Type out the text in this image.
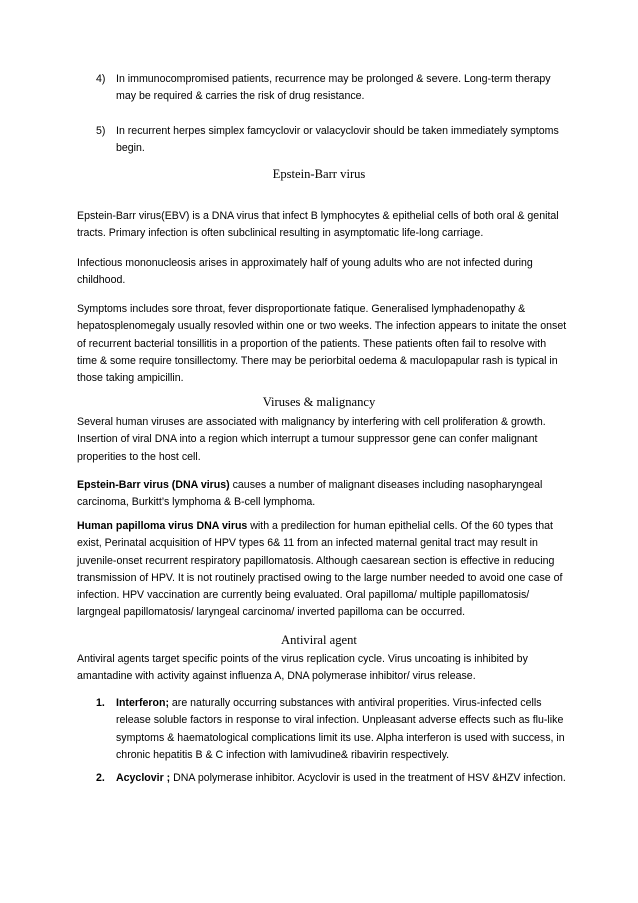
4) In immunocompromised patients, recurrence may be prolonged & severe. Long-term therapy may be required & carries the risk of drug resistance.
5) In recurrent herpes simplex famcyclovir or valacyclovir should be taken immediately symptoms begin.
Epstein-Barr virus

Epstein-Barr virus(EBV) is a DNA virus that infect B lymphocytes & epithelial cells of both oral & genital tracts. Primary infection is often subclinical resulting in asymptomatic life-long carriage.

Infectious mononucleosis arises in approximately half of young adults who are not infected during childhood.

Symptoms includes sore throat, fever disproportionate fatique. Generalised lymphadenopathy & hepatosplenomegaly usually resovled within one or two weeks. The infection appears to initate the onset of recurrent bacterial tonsillitis in a proportion of the patients. These patients often fail to resolve with time & some require tonsillectomy. There may be periorbital oedema & maculopapular rash is typical in those taking ampicillin.

Viruses & malignancy

Several human viruses are associated with malignancy by interfering with cell proliferation & growth. Insertion of viral DNA into a region which interrupt a tumour suppressor gene can confer malignant properities to the host cell.

Epstein-Barr virus (DNA virus) causes a number of malignant diseases including nasopharyngeal carcinoma, Burkitt’s lymphoma & B-cell lymphoma.

Human papilloma virus DNA virus with a predilection for human epithelial cells. Of the 60 types that exist, Perinatal acquisition of HPV types 6& 11 from an infected maternal genital tract may result in juvenile-onset recurrent respiratory papillomatosis. Although caesarean section is effective in reducing transmission of HPV. It is not routinely practised owing to the large number needed to avoid one case of infection. HPV vaccination are currently being evaluated. Oral papilloma/ multiple papillomatosis/ largngeal papillomatosis/ laryngeal carcinoma/ inverted papilloma can be occurred.

Antiviral agent

Antiviral agents target specific points of the virus replication cycle. Virus uncoating is inhibited by amantadine with activity against influenza A, DNA polymerase inhibitor/ virus release.

1.	Interferon; are naturally occurring substances with antiviral properities. Virus-infected cells release soluble factors in response to viral infection. Unpleasant adverse effects such as flu-like symptoms & haematological complications limit its use. Alpha interferon is used with success, in chronic hepatitis B & C infection with lamivudine& ribavirin respectively.
2.	Acyclovir ; DNA polymerase inhibitor. Acyclovir is used in the treatment of HSV &HZV infection.
